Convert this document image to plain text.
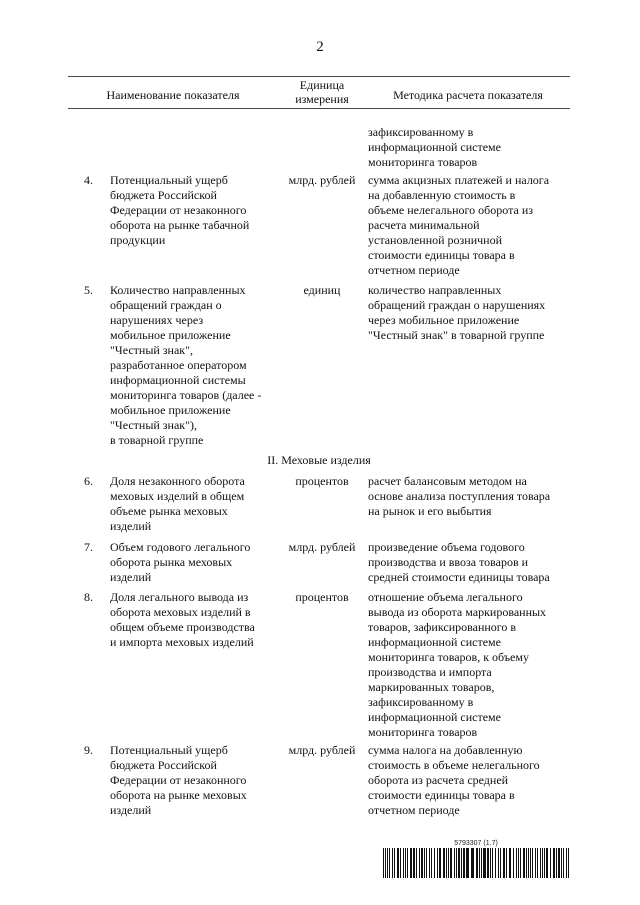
2
Наименование показателя
Единица
измерения	Методика расчета показателя
зафиксированному в
информационной системе
мониторинга товаров
4.	Потенциальный ущерб
бюджета Российской
Федерации от незаконного
оборота на рынке табачной
продукции
млрд. рублей	сумма акцизных платежей и налога
на добавленную стоимость в
объеме нелегального оборота из
расчета минимальной
установленной розничной
стоимости единицы товара в
отчетном периоде
5.	Количество направленных
обращений граждан о
нарушениях через
мобильное приложение
"Честный знак",
разработанное оператором
информационной системы
мониторинга товаров (далее -
мобильное приложение
"Честный знак"),
в товарной группе
единиц	количество направленных
обращений граждан о нарушениях
через мобильное приложение
"Честный знак" в товарной группе
II. Меховые изделия
6.	Доля незаконного оборота
меховых изделий в общем
объеме рынка меховых
изделий
процентов	расчет балансовым методом на
основе анализа поступления товара
на рынок и его выбытия
7.	Объем годового легального
оборота рынка меховых
изделий
млрд. рублей	произведение объема годового
производства и ввоза товаров и
средней стоимости единицы товара
8.	Доля легального вывода из
оборота меховых изделий в
общем объеме производства
и импорта меховых изделий
процентов	отношение объема легального
вывода из оборота маркированных
товаров, зафиксированного в
информационной системе
мониторинга товаров, к объему
производства и импорта
маркированных товаров,
зафиксированному в
информационной системе
мониторинга товаров
9.	Потенциальный ущерб
бюджета Российской
Федерации от незаконного
оборота на рынке меховых
изделий
млрд. рублей	сумма налога на добавленную
стоимость в объеме нелегального
оборота из расчета средней
стоимости единицы товара в
отчетном периоде
5793307 (1.7)
